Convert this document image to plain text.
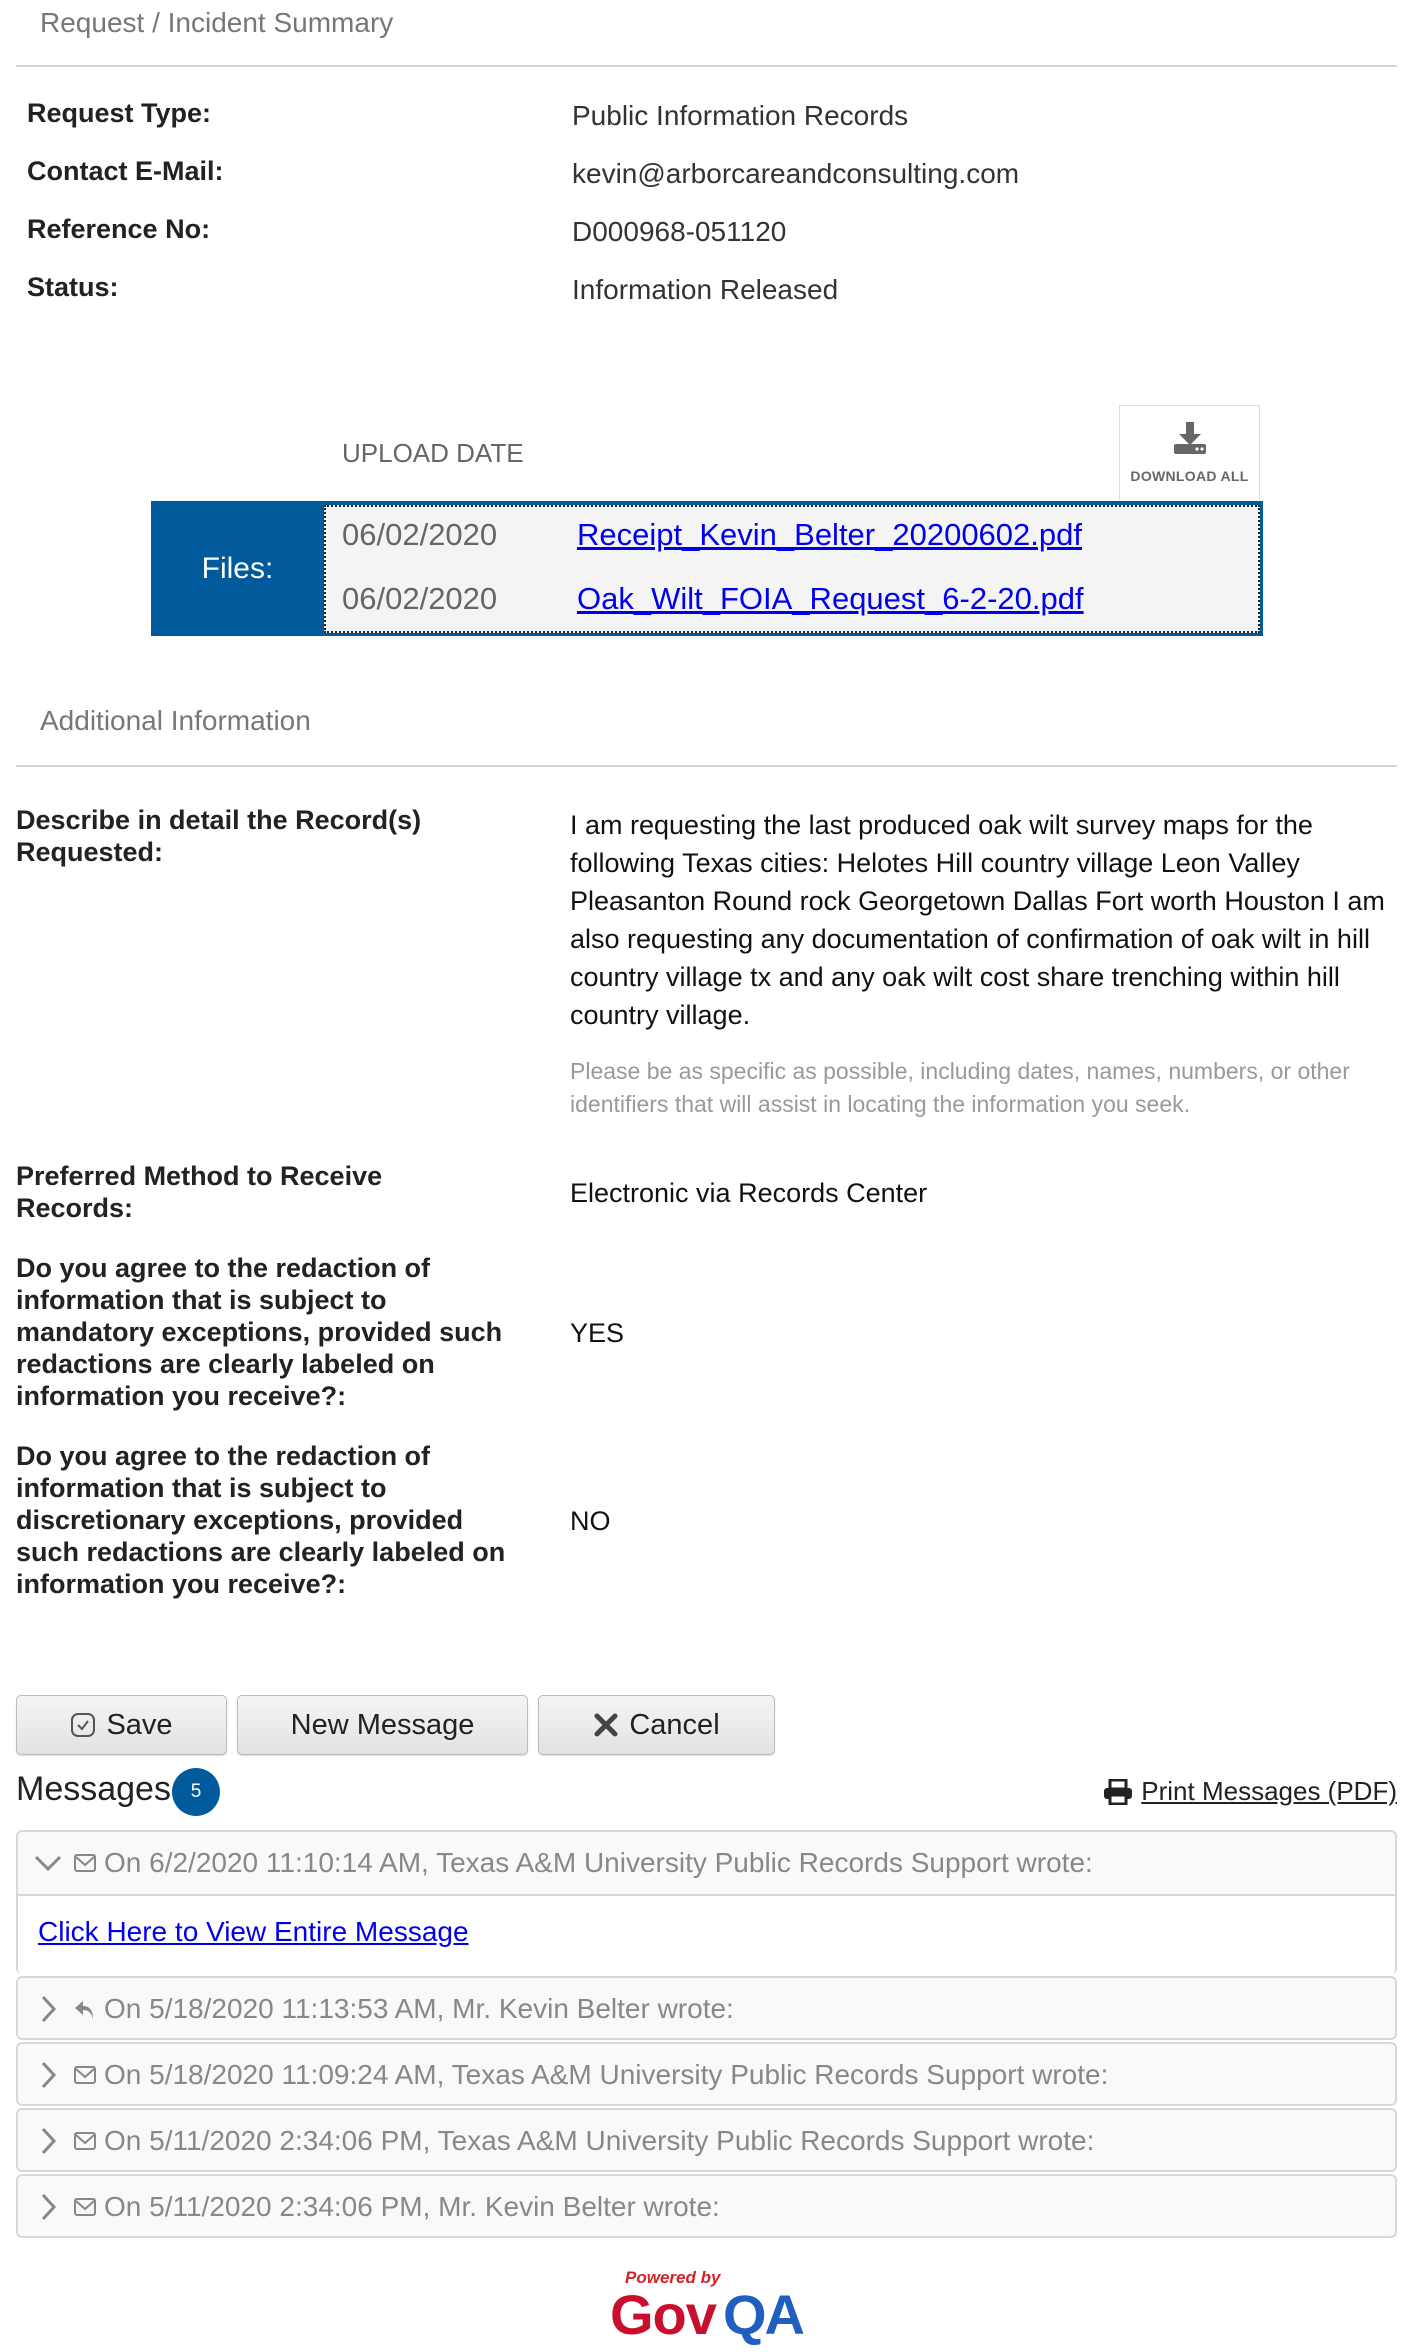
Request / Incident Summary
Request Type:	Public Information Records
Contact E-Mail:	kevin@arborcareandconsulting.com
Reference No:	D000968-051120
Status:	Information Released
DOWNLOAD ALL
UPLOAD DATE
Files:
06/02/2020	Receipt_Kevin_Belter_20200602.pdf
06/02/2020	Oak_Wilt_FOIA_Request_6-2-20.pdf
Additional Information
Describe in detail the Record(s) Requested:
I am requesting the last produced oak wilt survey maps for the following Texas cities: Helotes Hill country village Leon Valley Pleasanton Round rock Georgetown Dallas Fort worth Houston I am also requesting any documentation of confirmation of oak wilt in hill country village tx and any oak wilt cost share trenching within hill country village.
Please be as specific as possible, including dates, names, numbers, or other identifiers that will assist in locating the information you seek.
Preferred Method to Receive Records:	Electronic via Records Center
Do you agree to the redaction of information that is subject to mandatory exceptions, provided such redactions are clearly labeled on information you receive?:
YES
Do you agree to the redaction of information that is subject to discretionary exceptions, provided such redactions are clearly labeled on information you receive?:
NO
Save	New Message	Cancel
Messages	5	Print Messages (PDF)
On 6/2/2020 11:10:14 AM, Texas A&M University Public Records Support wrote:
Click Here to View Entire Message
On 5/18/2020 11:13:53 AM, Mr. Kevin Belter wrote:
On 5/18/2020 11:09:24 AM, Texas A&M University Public Records Support wrote:
On 5/11/2020 2:34:06 PM, Texas A&M University Public Records Support wrote:
On 5/11/2020 2:34:06 PM, Mr. Kevin Belter wrote:
Powered by
Gov QA
